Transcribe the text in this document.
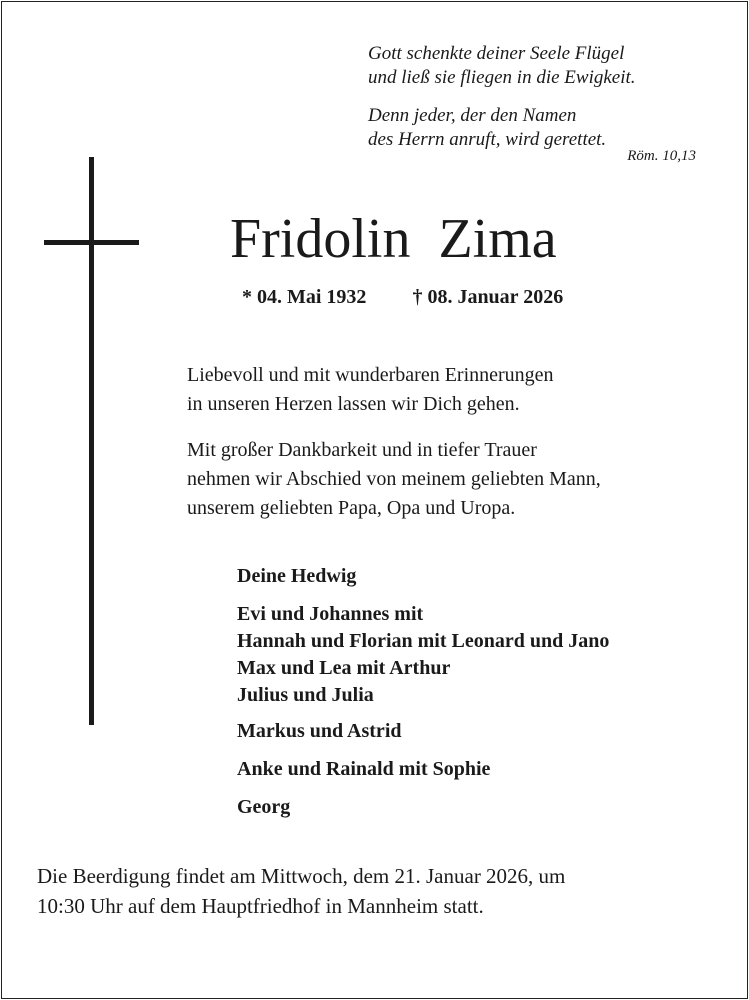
Gott schenkte deiner Seele Flügel
und ließ sie fliegen in die Ewigkeit.
Denn jeder, der den Namen
des Herrn anruft, wird gerettet.
Röm. 10,13
Fridolin  Zima
* 04. Mai 1932 † 08. Januar 2026
Liebevoll und mit wunderbaren Erinnerungen
in unseren Herzen lassen wir Dich gehen.
Mit großer Dankbarkeit und in tiefer Trauer
nehmen wir Abschied von meinem geliebten Mann,
unserem geliebten Papa, Opa und Uropa.
Deine Hedwig
Evi und Johannes mit
Hannah und Florian mit Leonard und Jano
Max und Lea mit Arthur
Julius und Julia
Markus und Astrid
Anke und Rainald mit Sophie
Georg
Die Beerdigung findet am Mittwoch, dem 21. Januar 2026, um
10:30 Uhr auf dem Hauptfriedhof in Mannheim statt.
